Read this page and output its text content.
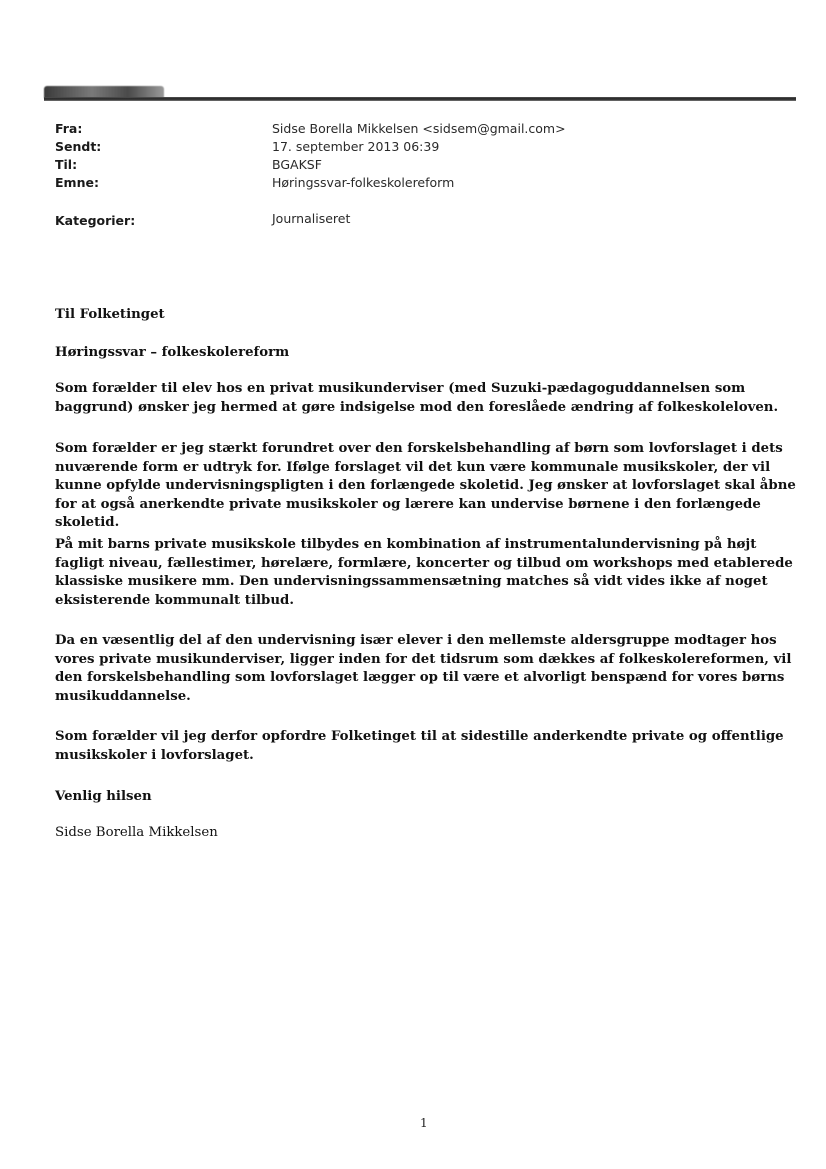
Fra:	Sidse Borella Mikkelsen <sidsem@gmail.com>
Sendt:	17. september 2013 06:39
Til:	BGAKSF
Emne:	Høringssvar-folkeskolereform
Kategorier:	Journaliseret
Til Folketinget
Høringssvar – folkeskolereform
Som forælder til elev hos en privat musikunderviser (med Suzuki-pædagoguddannelsen som baggrund) ønsker jeg hermed at gøre indsigelse mod den foreslåede ændring af folkeskoleloven.
Som forælder er jeg stærkt forundret over den forskelsbehandling af børn som lovforslaget i dets nuværende form er udtryk for. Ifølge forslaget vil det kun være kommunale musikskoler, der vil kunne opfylde undervisningspligten i den forlængede skoletid. Jeg ønsker at lovforslaget skal åbne for at også anerkendte private musikskoler og lærere kan undervise børnene i den forlængede skoletid.
På mit barns private musikskole tilbydes en kombination af instrumentalundervisning på højt fagligt niveau, fællestimer, hørelære, formlære, koncerter og tilbud om workshops med etablerede klassiske musikere mm. Den undervisningssammensætning matches så vidt vides ikke af noget eksisterende kommunalt tilbud.
Da en væsentlig del af den undervisning især elever i den mellemste aldersgruppe modtager hos vores private musikunderviser, ligger inden for det tidsrum som dækkes af folkeskolereformen, vil den forskelsbehandling som lovforslaget lægger op til være et alvorligt benspænd for vores børns musikuddannelse.
Som forælder vil jeg derfor opfordre Folketinget til at sidestille anderkendte private og offentlige musikskoler i lovforslaget.
Venlig hilsen
Sidse Borella Mikkelsen
1
